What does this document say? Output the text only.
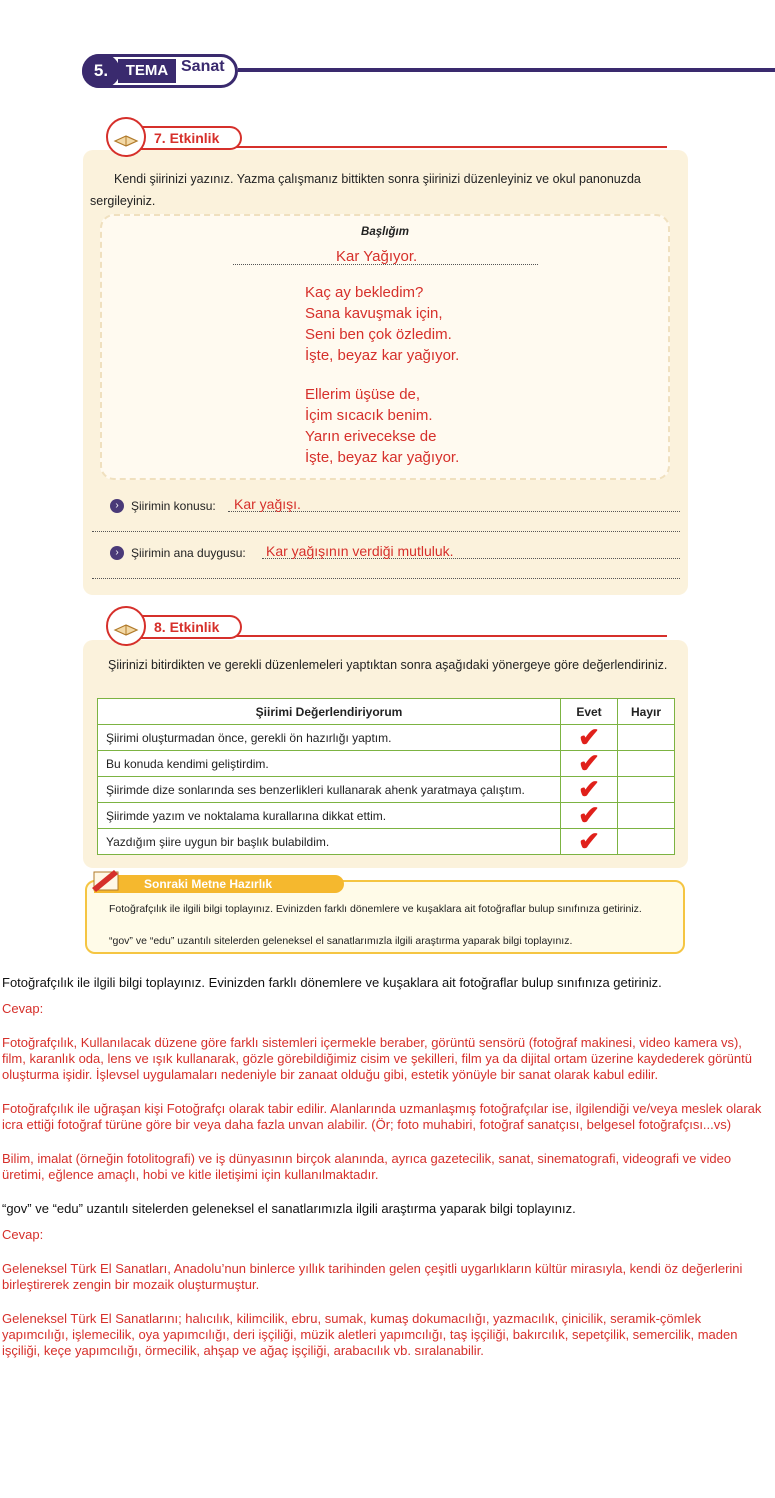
5.	TEMA Sanat
7. Etkinlik
Kendi şiirinizi yazınız. Yazma çalışmanız bittikten sonra şiirinizi düzenleyiniz ve okul panonuzda sergileyiniz.
Başlığım
Kar Yağıyor.
Kaç ay bekledim?
Sana kavuşmak için,
Seni ben çok özledim.
İşte, beyaz kar yağıyor.
Ellerim üşüse de,
İçim sıcacık benim.
Yarın erivecekse de
İşte, beyaz kar yağıyor.
›	Şiirimin konusu: Kar yağışı.
›	Şiirimin ana duygusu: Kar yağışının verdiği mutluluk.
8. Etkinlik
Şiirinizi bitirdikten ve gerekli düzenlemeleri yaptıktan sonra aşağıdaki yönergeye göre değerlendiriniz.
Şiirimi Değerlendiriyorum	Evet	Hayır
Şiirimi oluşturmadan önce, gerekli ön hazırlığı yaptım.	✔	
Bu konuda kendimi geliştirdim.	✔	
Şiirimde dize sonlarında ses benzerlikleri kullanarak ahenk yaratmaya çalıştım.	✔	
Şiirimde yazım ve noktalama kurallarına dikkat ettim.	✔	
Yazdığım şiire uygun bir başlık bulabildim.	✔	
Sonraki Metne Hazırlık
Fotoğrafçılık ile ilgili bilgi toplayınız. Evinizden farklı dönemlere ve kuşaklara ait fotoğraflar bulup sınıfınıza getiriniz.
“gov” ve “edu” uzantılı sitelerden geleneksel el sanatlarımızla ilgili araştırma yaparak bilgi toplayınız.
Fotoğrafçılık ile ilgili bilgi toplayınız. Evinizden farklı dönemlere ve kuşaklara ait fotoğraflar bulup sınıfınıza getiriniz.
Cevap:
Fotoğrafçılık, Kullanılacak düzene göre farklı sistemleri içermekle beraber, görüntü sensörü (fotoğraf makinesi, video kamera vs), film, karanlık oda, lens ve ışık kullanarak, gözle görebildiğimiz cisim ve şekilleri, film ya da dijital ortam üzerine kaydederek görüntü oluşturma işidir. İşlevsel uygulamaları nedeniyle bir zanaat olduğu gibi, estetik yönüyle bir sanat olarak kabul edilir.
Fotoğrafçılık ile uğraşan kişi Fotoğrafçı olarak tabir edilir. Alanlarında uzmanlaşmış fotoğrafçılar ise, ilgilendiği ve/veya meslek olarak icra ettiği fotoğraf türüne göre bir veya daha fazla unvan alabilir. (Ör; foto muhabiri, fotoğraf sanatçısı, belgesel fotoğrafçısı...vs)
Bilim, imalat (örneğin fotolitografi) ve iş dünyasının birçok alanında, ayrıca gazetecilik, sanat, sinematografi, videografi ve video üretimi, eğlence amaçlı, hobi ve kitle iletişimi için kullanılmaktadır.
“gov” ve “edu” uzantılı sitelerden geleneksel el sanatlarımızla ilgili araştırma yaparak bilgi toplayınız.
Cevap:
Geleneksel Türk El Sanatları, Anadolu’nun binlerce yıllık tarihinden gelen çeşitli uygarlıkların kültür mirasıyla, kendi öz değerlerini birleştirerek zengin bir mozaik oluşturmuştur.
Geleneksel Türk El Sanatlarını; halıcılık, kilimcilik, ebru, sumak, kumaş dokumacılığı, yazmacılık, çinicilik, seramik-çömlek yapımcılığı, işlemecilik, oya yapımcılığı, deri işçiliği, müzik aletleri yapımcılığı, taş işçiliği, bakırcılık, sepetçilik, semercilik, maden işçiliği, keçe yapımcılığı, örmecilik, ahşap ve ağaç işçiliği, arabacılık vb. sıralanabilir.
